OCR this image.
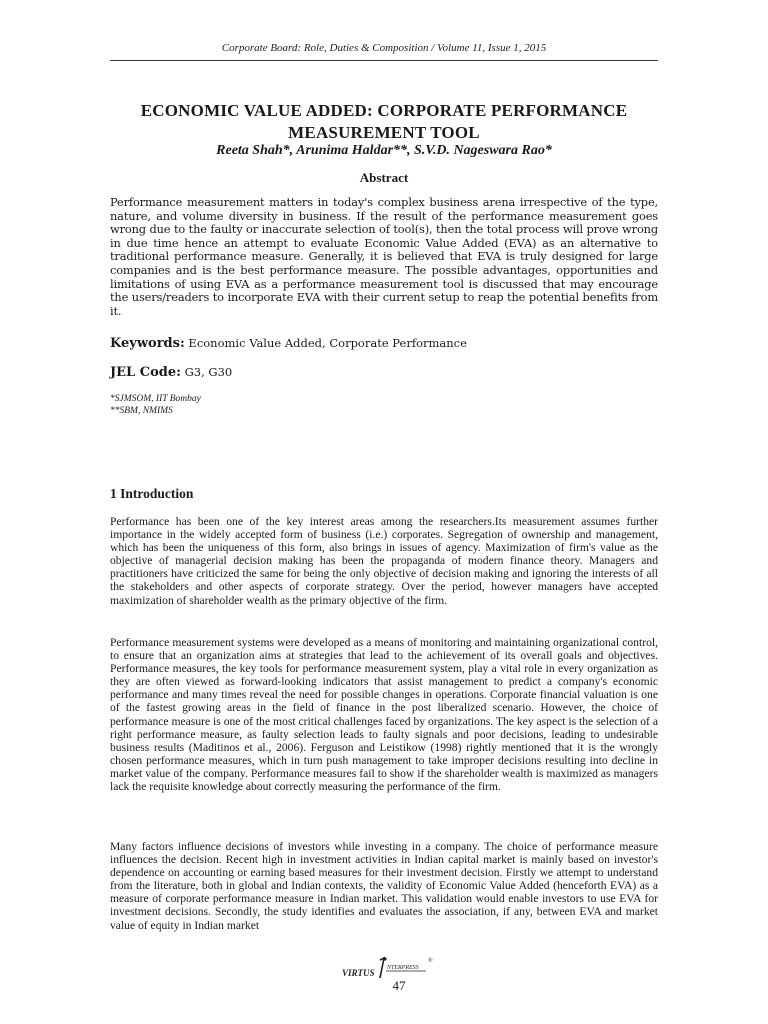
Corporate Board: Role, Duties & Composition / Volume 11, Issue 1, 2015
ECONOMIC VALUE ADDED: CORPORATE PERFORMANCE MEASUREMENT TOOL
Reeta Shah*, Arunima Haldar**, S.V.D. Nageswara Rao*
Abstract
Performance measurement matters in today's complex business arena irrespective of the type, nature, and volume diversity in business. If the result of the performance measurement goes wrong due to the faulty or inaccurate selection of tool(s), then the total process will prove wrong in due time hence an attempt to evaluate Economic Value Added (EVA) as an alternative to traditional performance measure. Generally, it is believed that EVA is truly designed for large companies and is the best performance measure. The possible advantages, opportunities and limitations of using EVA as a performance measurement tool is discussed that may encourage the users/readers to incorporate EVA with their current setup to reap the potential benefits from it.
Keywords: Economic Value Added, Corporate Performance
JEL Code: G3, G30
*SJMSOM, IIT Bombay
**SBM, NMIMS
1 Introduction
Performance has been one of the key interest areas among the researchers.Its measurement assumes further importance in the widely accepted form of business (i.e.) corporates. Segregation of ownership and management, which has been the uniqueness of this form, also brings in issues of agency. Maximization of firm's value as the objective of managerial decision making has been the propaganda of modern finance theory. Managers and practitioners have criticized the same for being the only objective of decision making and ignoring the interests of all the stakeholders and other aspects of corporate strategy. Over the period, however managers have accepted maximization of shareholder wealth as the primary objective of the firm.
Performance measurement systems were developed as a means of monitoring and maintaining organizational control, to ensure that an organization aims at strategies that lead to the achievement of its overall goals and objectives. Performance measures, the key tools for performance measurement system, play a vital role in every organization as they are often viewed as forward-looking indicators that assist management to predict a company's economic performance and many times reveal the need for possible changes in operations. Corporate financial valuation is one of the fastest growing areas in the field of finance in the post liberalized scenario. However, the choice of performance measure is one of the most critical challenges faced by organizations. The key aspect is the selection of a right performance measure, as faulty selection leads to faulty signals and poor decisions, leading to undesirable business results (Maditinos et al., 2006). Ferguson and Leistikow (1998) rightly mentioned that it is the wrongly chosen performance measures, which in turn push management to take improper decisions resulting into decline in market value of the company. Performance measures fail to show if the shareholder wealth is maximized as managers lack the requisite knowledge about correctly measuring the performance of the firm.
Many factors influence decisions of investors while investing in a company. The choice of performance measure influences the decision. Recent high in investment activities in Indian capital market is mainly based on investor's dependence on accounting or earning based measures for their investment decision. Firstly we attempt to understand from the literature, both in global and Indian contexts, the validity of Economic Value Added (henceforth EVA) as a measure of corporate performance measure in Indian market. This validation would enable investors to use EVA for investment decisions. Secondly, the study identifies and evaluates the association, if any, between EVA and market value of equity in Indian market
VIRTUS NTERPRESS
®
47
